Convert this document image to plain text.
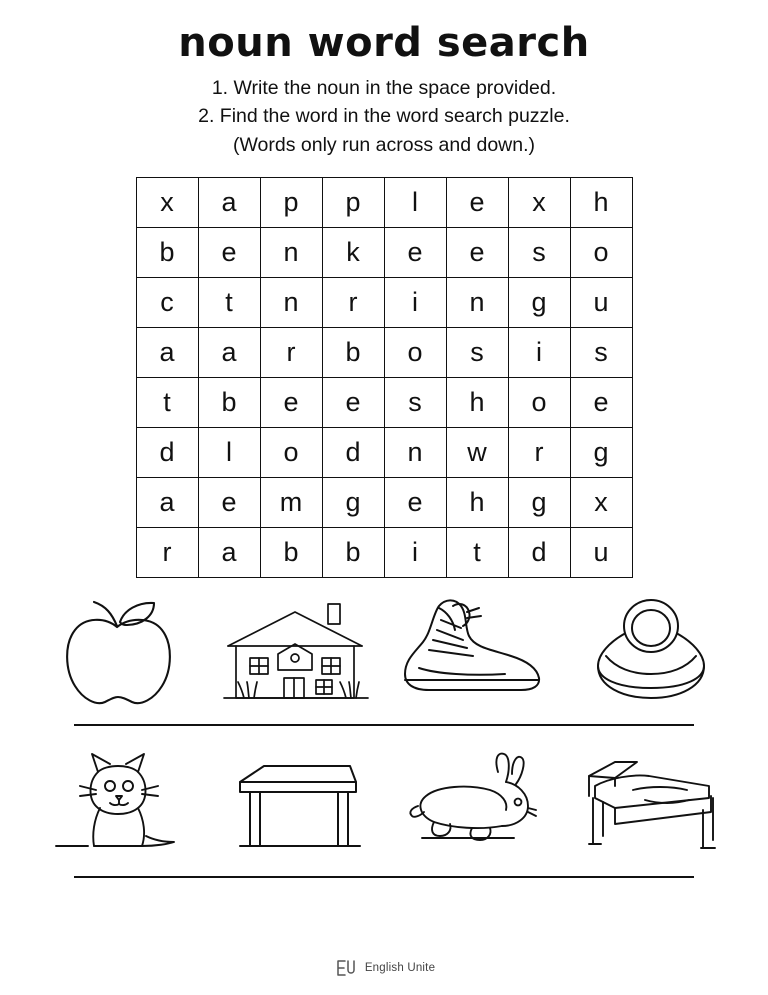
noun word search
1. Write the noun in the space provided.
2. Find the word in the word search puzzle.
(Words only run across and down.)
x	a	p	p	l	e	x	h
b	e	n	k	e	e	s	o
c	t	n	r	i	n	g	u
a	a	r	b	o	s	i	s
t	b	e	e	s	h	o	e
d	l	o	d	n	w	r	g
a	e	m	g	e	h	g	x
r	a	b	b	i	t	d	u
English Unite
